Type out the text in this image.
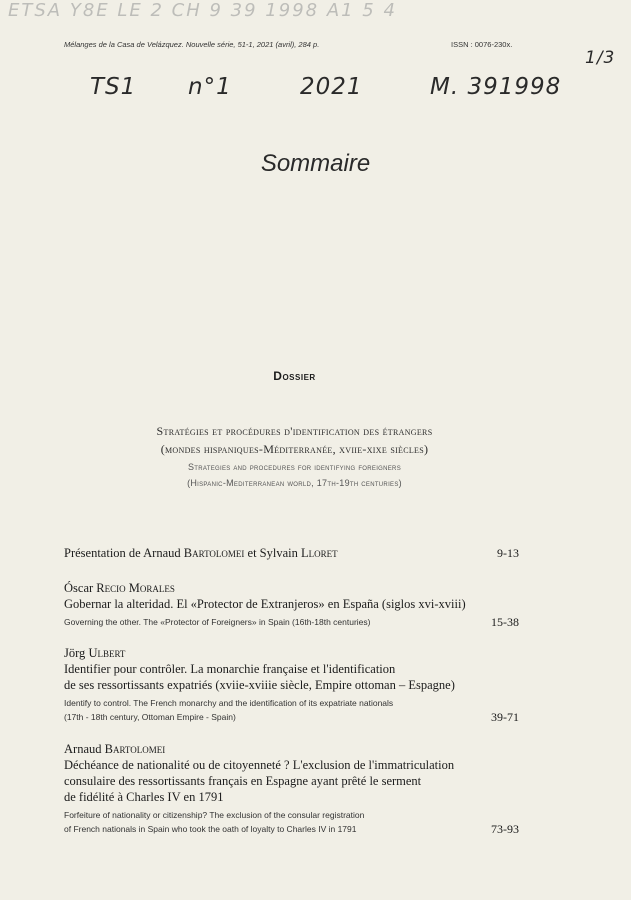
ETSA Y8E LE 2 CH 9 39 1998 A1 5 4
Mélanges de la Casa de Velázquez. Nouvelle série, 51-1, 2021 (avril), 284 p.	ISSN : 0076-230x.
1/3
TS1 n°1	2021	M. 391998
Sommaire
Dossier
Stratégies et procédures d'identification des étrangers
(mondes hispaniques-Méditerranée, xviie-xixe siècles)
Strategies and procedures for identifying foreigners
(Hispanic-Mediterranean world, 17th-19th centuries)
Présentation de Arnaud Bartolomei et Sylvain Lloret	9-13
Óscar Recio Morales
Gobernar la alteridad. El «Protector de Extranjeros» en España (siglos xvi-xviii)
Governing the other. The «Protector of Foreigners» in Spain (16th-18th centuries)	15-38
Jörg Ulbert
Identifier pour contrôler. La monarchie française et l'identification
de ses ressortissants expatriés (xviie-xviiie siècle, Empire ottoman – Espagne)
Identify to control. The French monarchy and the identification of its expatriate nationals
(17th - 18th century, Ottoman Empire - Spain)	39-71
Arnaud Bartolomei
Déchéance de nationalité ou de citoyenneté ? L'exclusion de l'immatriculation
consulaire des ressortissants français en Espagne ayant prêté le serment
de fidélité à Charles IV en 1791
Forfeiture of nationality or citizenship? The exclusion of the consular registration
of French nationals in Spain who took the oath of loyalty to Charles IV in 1791	73-93
